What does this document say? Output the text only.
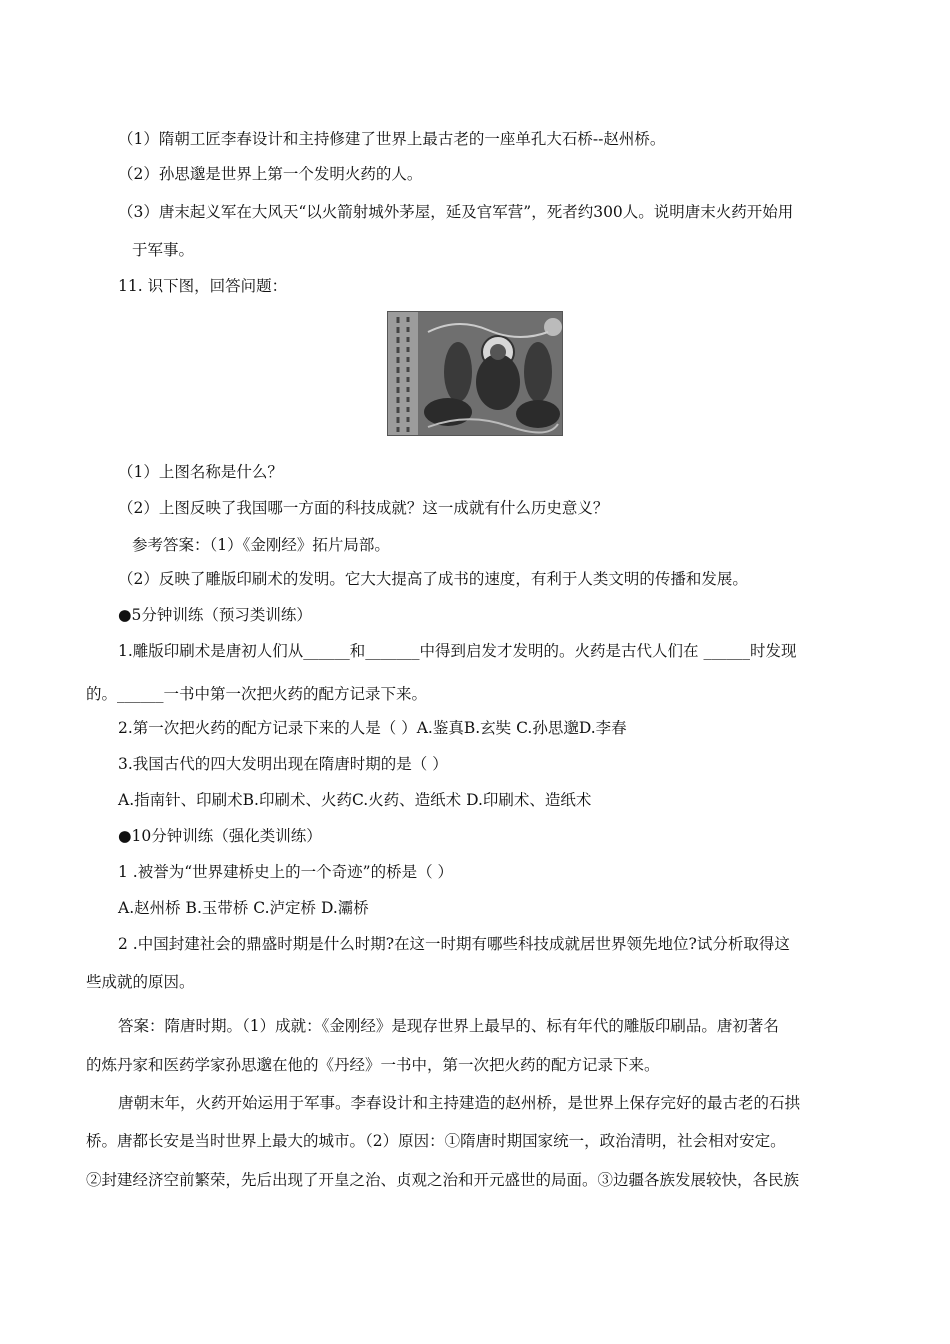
（1）隋朝工匠李春设计和主持修建了世界上最古老的一座单孔大石桥--赵州桥。
（2）孙思邈是世界上第一个发明火药的人。
（3）唐末起义军在大风天“以火箭射城外茅屋，延及官军营”，死者约300人。说明唐末火药开始用
于军事。
11. 识下图，回答问题：
（1）上图名称是什么？
（2）上图反映了我国哪一方面的科技成就？这一成就有什么历史意义？
参考答案：（1）《金刚经》拓片局部。
（2）反映了雕版印刷术的发明。它大大提高了成书的速度，有利于人类文明的传播和发展。
●5分钟训练（预习类训练）
1.雕版印刷术是唐初人们从______和_______中得到启发才发明的。火药是古代人们在 ______时发现
的。______一书中第一次把火药的配方记录下来。
2.第一次把火药的配方记录下来的人是（ ）A.鉴真B.玄奘 C.孙思邈D.李春
3.我国古代的四大发明出现在隋唐时期的是（ ）
A.指南针、印刷术B.印刷术、火药C.火药、造纸术 D.印刷术、造纸术
●10分钟训练（强化类训练）
1 .被誉为“世界建桥史上的一个奇迹”的桥是（ ）
A.赵州桥 B.玉带桥 C.泸定桥 D.灞桥
2 .中国封建社会的鼎盛时期是什么时期?在这一时期有哪些科技成就居世界领先地位?试分析取得这
些成就的原因。
答案：隋唐时期。（1）成就：《金刚经》是现存世界上最早的、标有年代的雕版印刷品。唐初著名
的炼丹家和医药学家孙思邈在他的《丹经》一书中，第一次把火药的配方记录下来。
唐朝末年，火药开始运用于军事。李春设计和主持建造的赵州桥，是世界上保存完好的最古老的石拱
桥。唐都长安是当时世界上最大的城市。（2）原因：①隋唐时期国家统一，政治清明，社会相对安定。
②封建经济空前繁荣，先后出现了开皇之治、贞观之治和开元盛世的局面。③边疆各族发展较快，各民族
